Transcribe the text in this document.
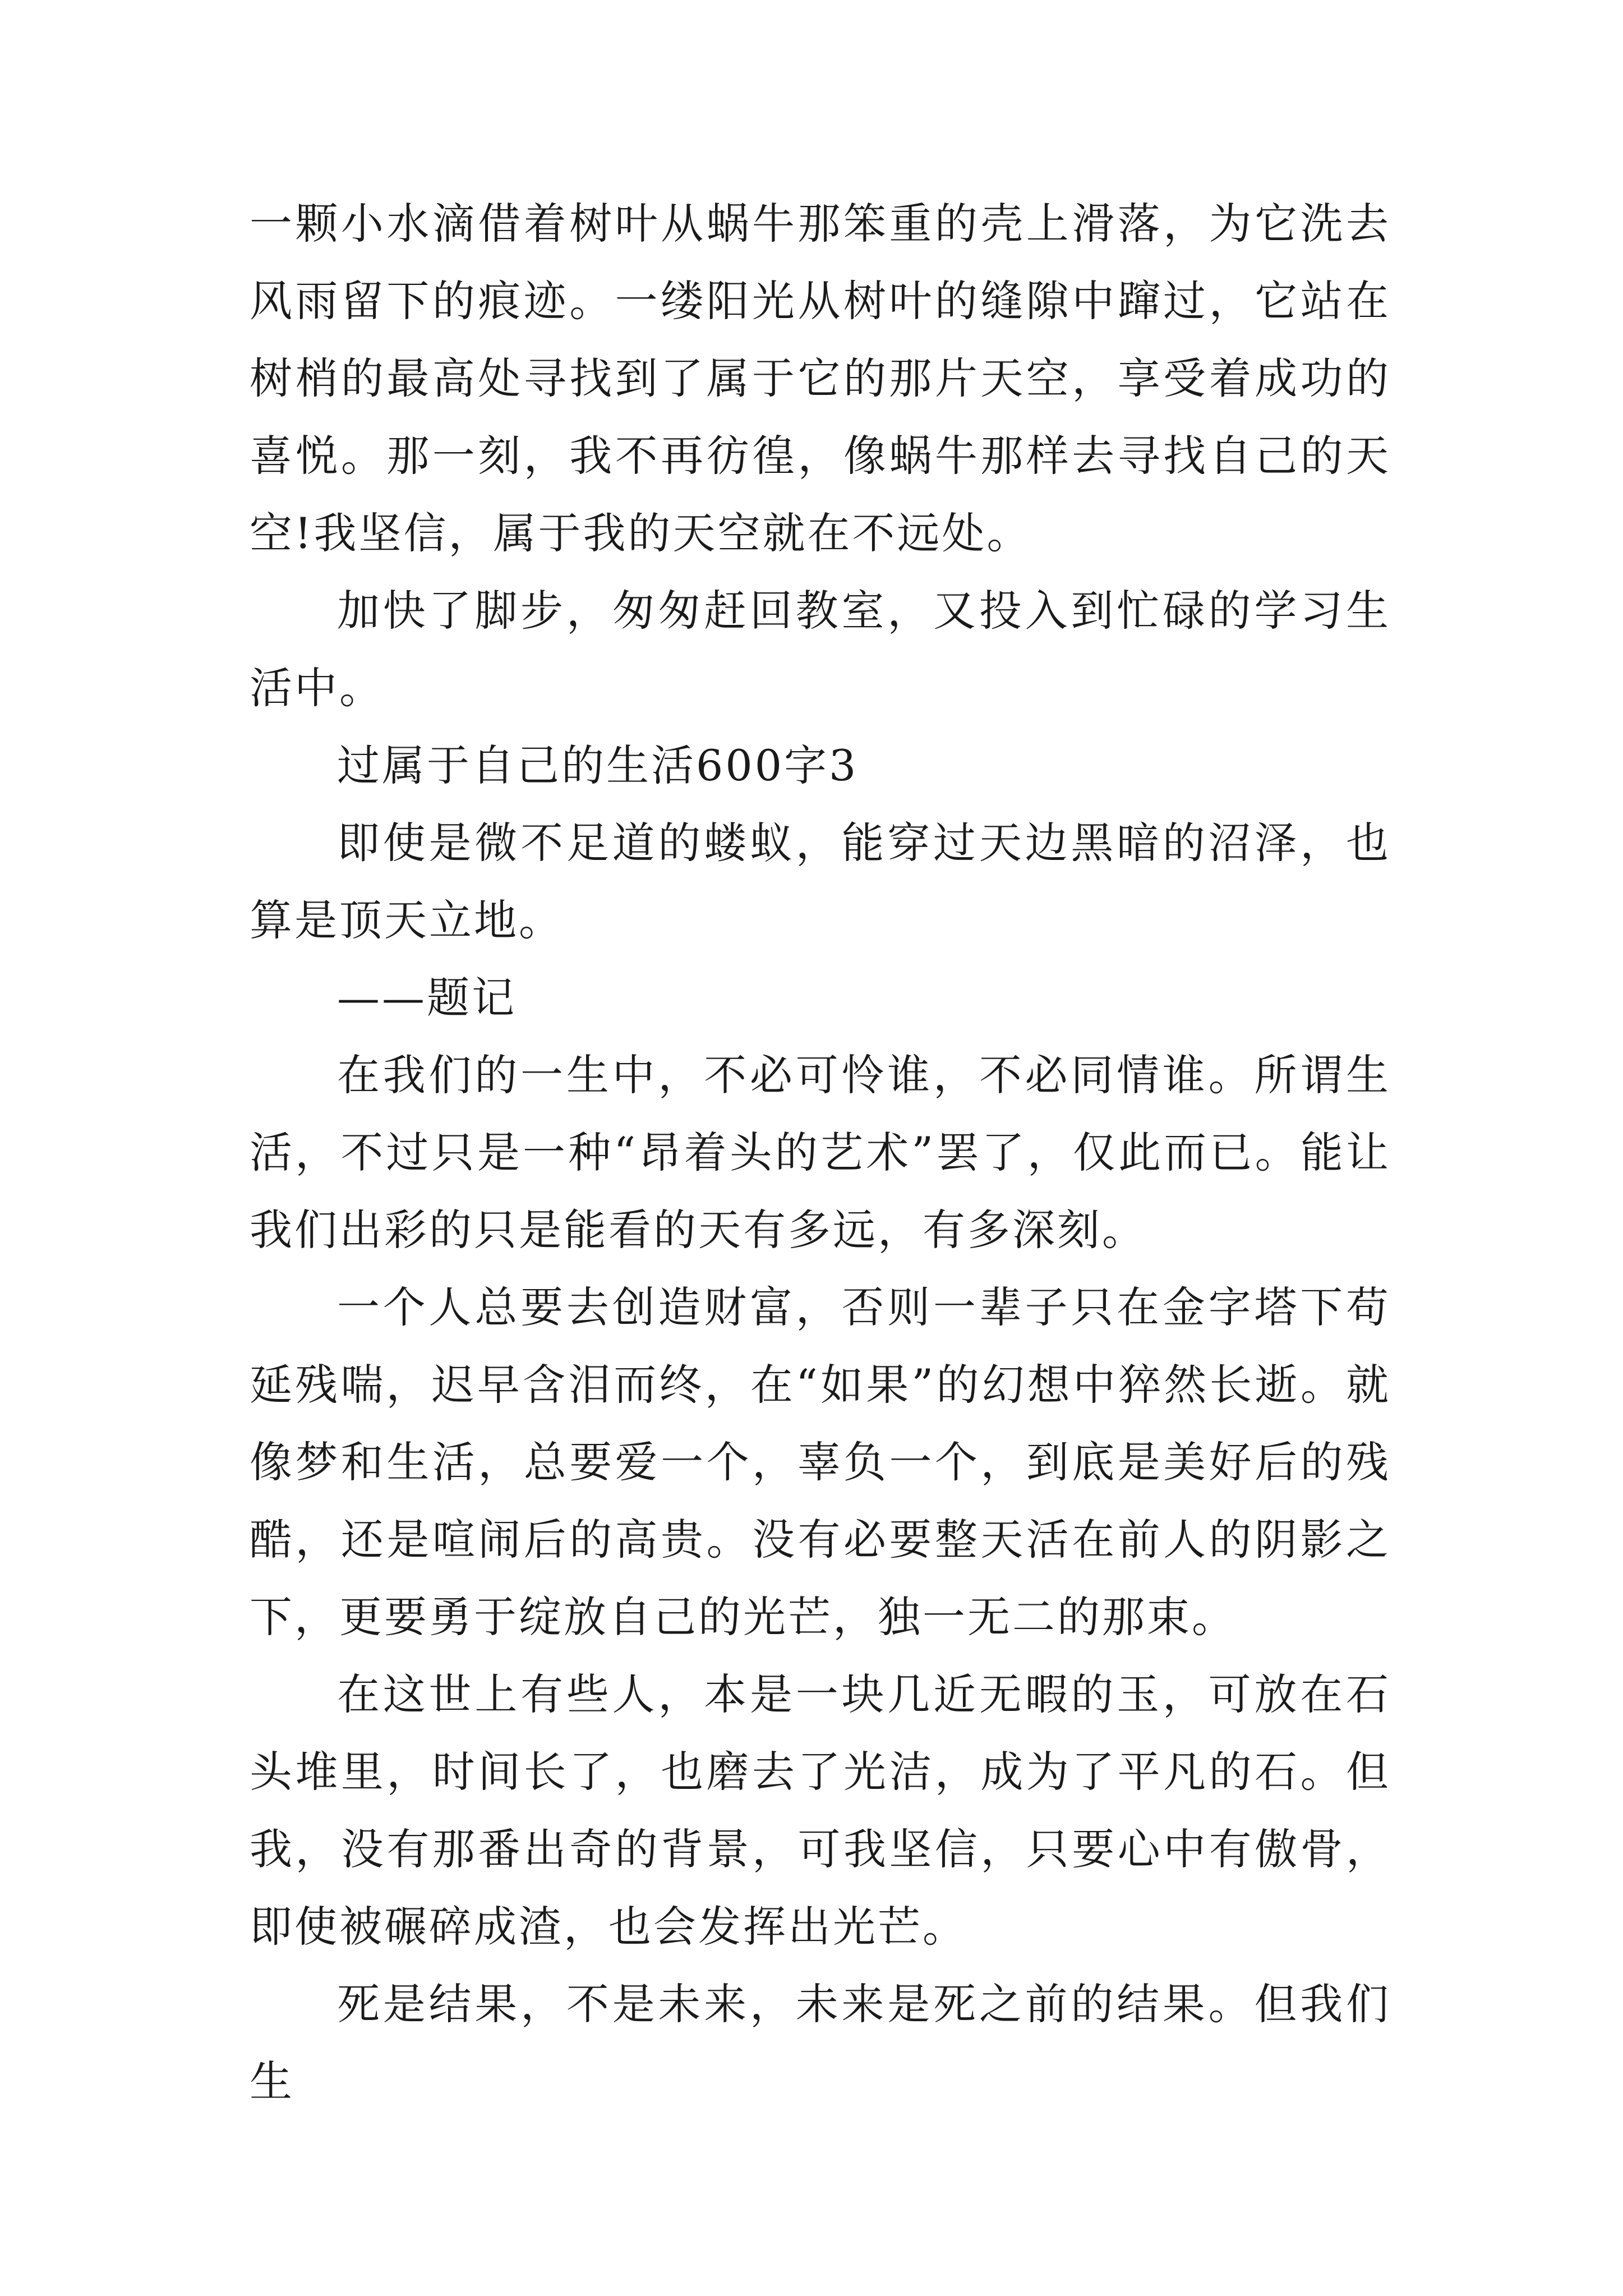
一颗小水滴借着树叶从蜗牛那笨重的壳上滑落，为它洗去风雨留下的痕迹。一缕阳光从树叶的缝隙中蹿过，它站在树梢的最高处寻找到了属于它的那片天空，享受着成功的喜悦。那一刻，我不再彷徨，像蜗牛那样去寻找自己的天空!我坚信，属于我的天空就在不远处。

加快了脚步，匆匆赶回教室，又投入到忙碌的学习生活中。

过属于自己的生活600字3

即使是微不足道的蝼蚁，能穿过天边黑暗的沼泽，也算是顶天立地。

——题记

在我们的一生中，不必可怜谁，不必同情谁。所谓生活，不过只是一种“昂着头的艺术”罢了，仅此而已。能让我们出彩的只是能看的天有多远，有多深刻。

一个人总要去创造财富，否则一辈子只在金字塔下苟延残喘，迟早含泪而终，在“如果”的幻想中猝然长逝。就像梦和生活，总要爱一个，辜负一个，到底是美好后的残酷，还是喧闹后的高贵。没有必要整天活在前人的阴影之下，更要勇于绽放自己的光芒，独一无二的那束。

在这世上有些人，本是一块几近无暇的玉，可放在石头堆里，时间长了，也磨去了光洁，成为了平凡的石。但我，没有那番出奇的背景，可我坚信，只要心中有傲骨，即使被碾碎成渣，也会发挥出光芒。

死是结果，不是未来，未来是死之前的结果。但我们生
